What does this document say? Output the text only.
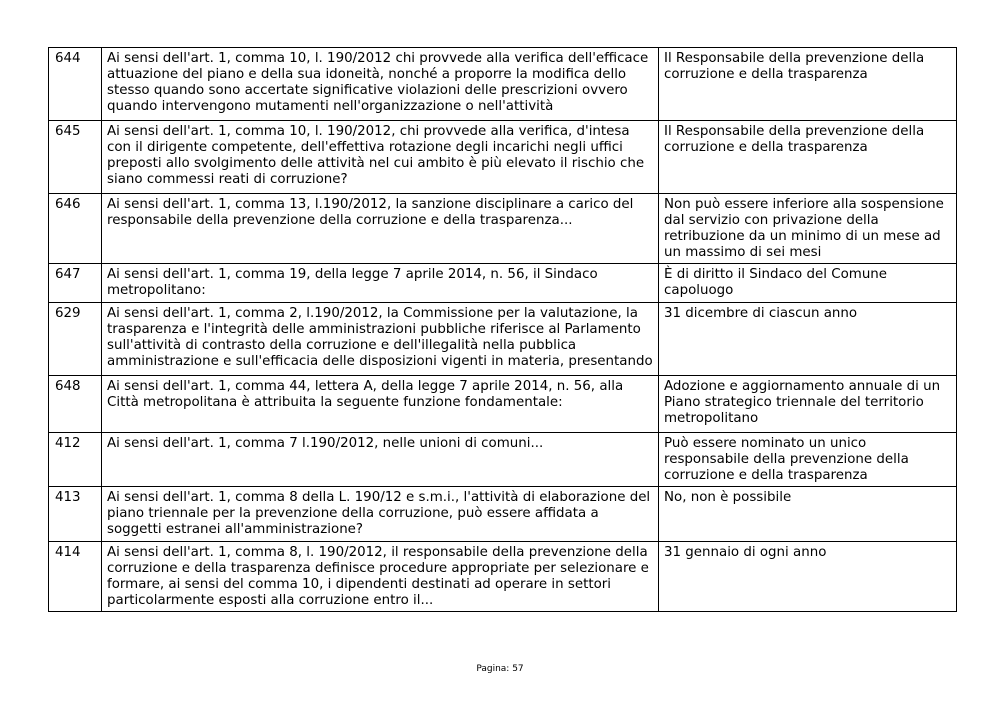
644	Ai sensi dell'art. 1, comma 10, l. 190/2012 chi provvede alla verifica dell'efficace attuazione del piano e della sua idoneità, nonché a proporre la modifica dello stesso quando sono accertate significative violazioni delle prescrizioni ovvero quando intervengono mutamenti nell'organizzazione o nell'attività	Il Responsabile della prevenzione della corruzione e della trasparenza
645	Ai sensi dell'art. 1, comma 10, l. 190/2012, chi provvede alla verifica, d'intesa con il dirigente competente, dell'effettiva rotazione degli incarichi negli uffici preposti allo svolgimento delle attività nel cui ambito è più elevato il rischio che siano commessi reati di corruzione?	Il Responsabile della prevenzione della corruzione e della trasparenza
646	Ai sensi dell'art. 1, comma 13, l.190/2012, la sanzione disciplinare a carico del responsabile della prevenzione della corruzione e della trasparenza...	Non può essere inferiore alla sospensione dal servizio con privazione della retribuzione da un minimo di un mese ad un massimo di sei mesi
647	Ai sensi dell'art. 1, comma 19, della legge 7 aprile 2014, n. 56, il Sindaco metropolitano:	È di diritto il Sindaco del Comune capoluogo
629	Ai sensi dell'art. 1, comma 2, l.190/2012, la Commissione per la valutazione, la trasparenza e l'integrità delle amministrazioni pubbliche riferisce al Parlamento sull'attività di contrasto della corruzione e dell'illegalità nella pubblica amministrazione e sull'efficacia delle disposizioni vigenti in materia, presentando	31 dicembre di ciascun anno
648	Ai sensi dell'art. 1, comma 44, lettera A, della legge 7 aprile 2014, n. 56, alla Città metropolitana è attribuita la seguente funzione fondamentale:	Adozione e aggiornamento annuale di un Piano strategico triennale del territorio metropolitano
412	Ai sensi dell'art. 1, comma 7 l.190/2012, nelle unioni di comuni...	Può essere nominato un unico responsabile della prevenzione della corruzione e della trasparenza
413	Ai sensi dell'art. 1, comma 8 della L. 190/12 e s.m.i., l'attività di elaborazione del piano triennale per la prevenzione della corruzione, può essere affidata a soggetti estranei all'amministrazione?	No, non è possibile
414	Ai sensi dell'art. 1, comma 8, l. 190/2012, il responsabile della prevenzione della corruzione e della trasparenza definisce procedure appropriate per selezionare e formare, ai sensi del comma 10, i dipendenti destinati ad operare in settori particolarmente esposti alla corruzione entro il...	31 gennaio di ogni anno
Pagina: 57
